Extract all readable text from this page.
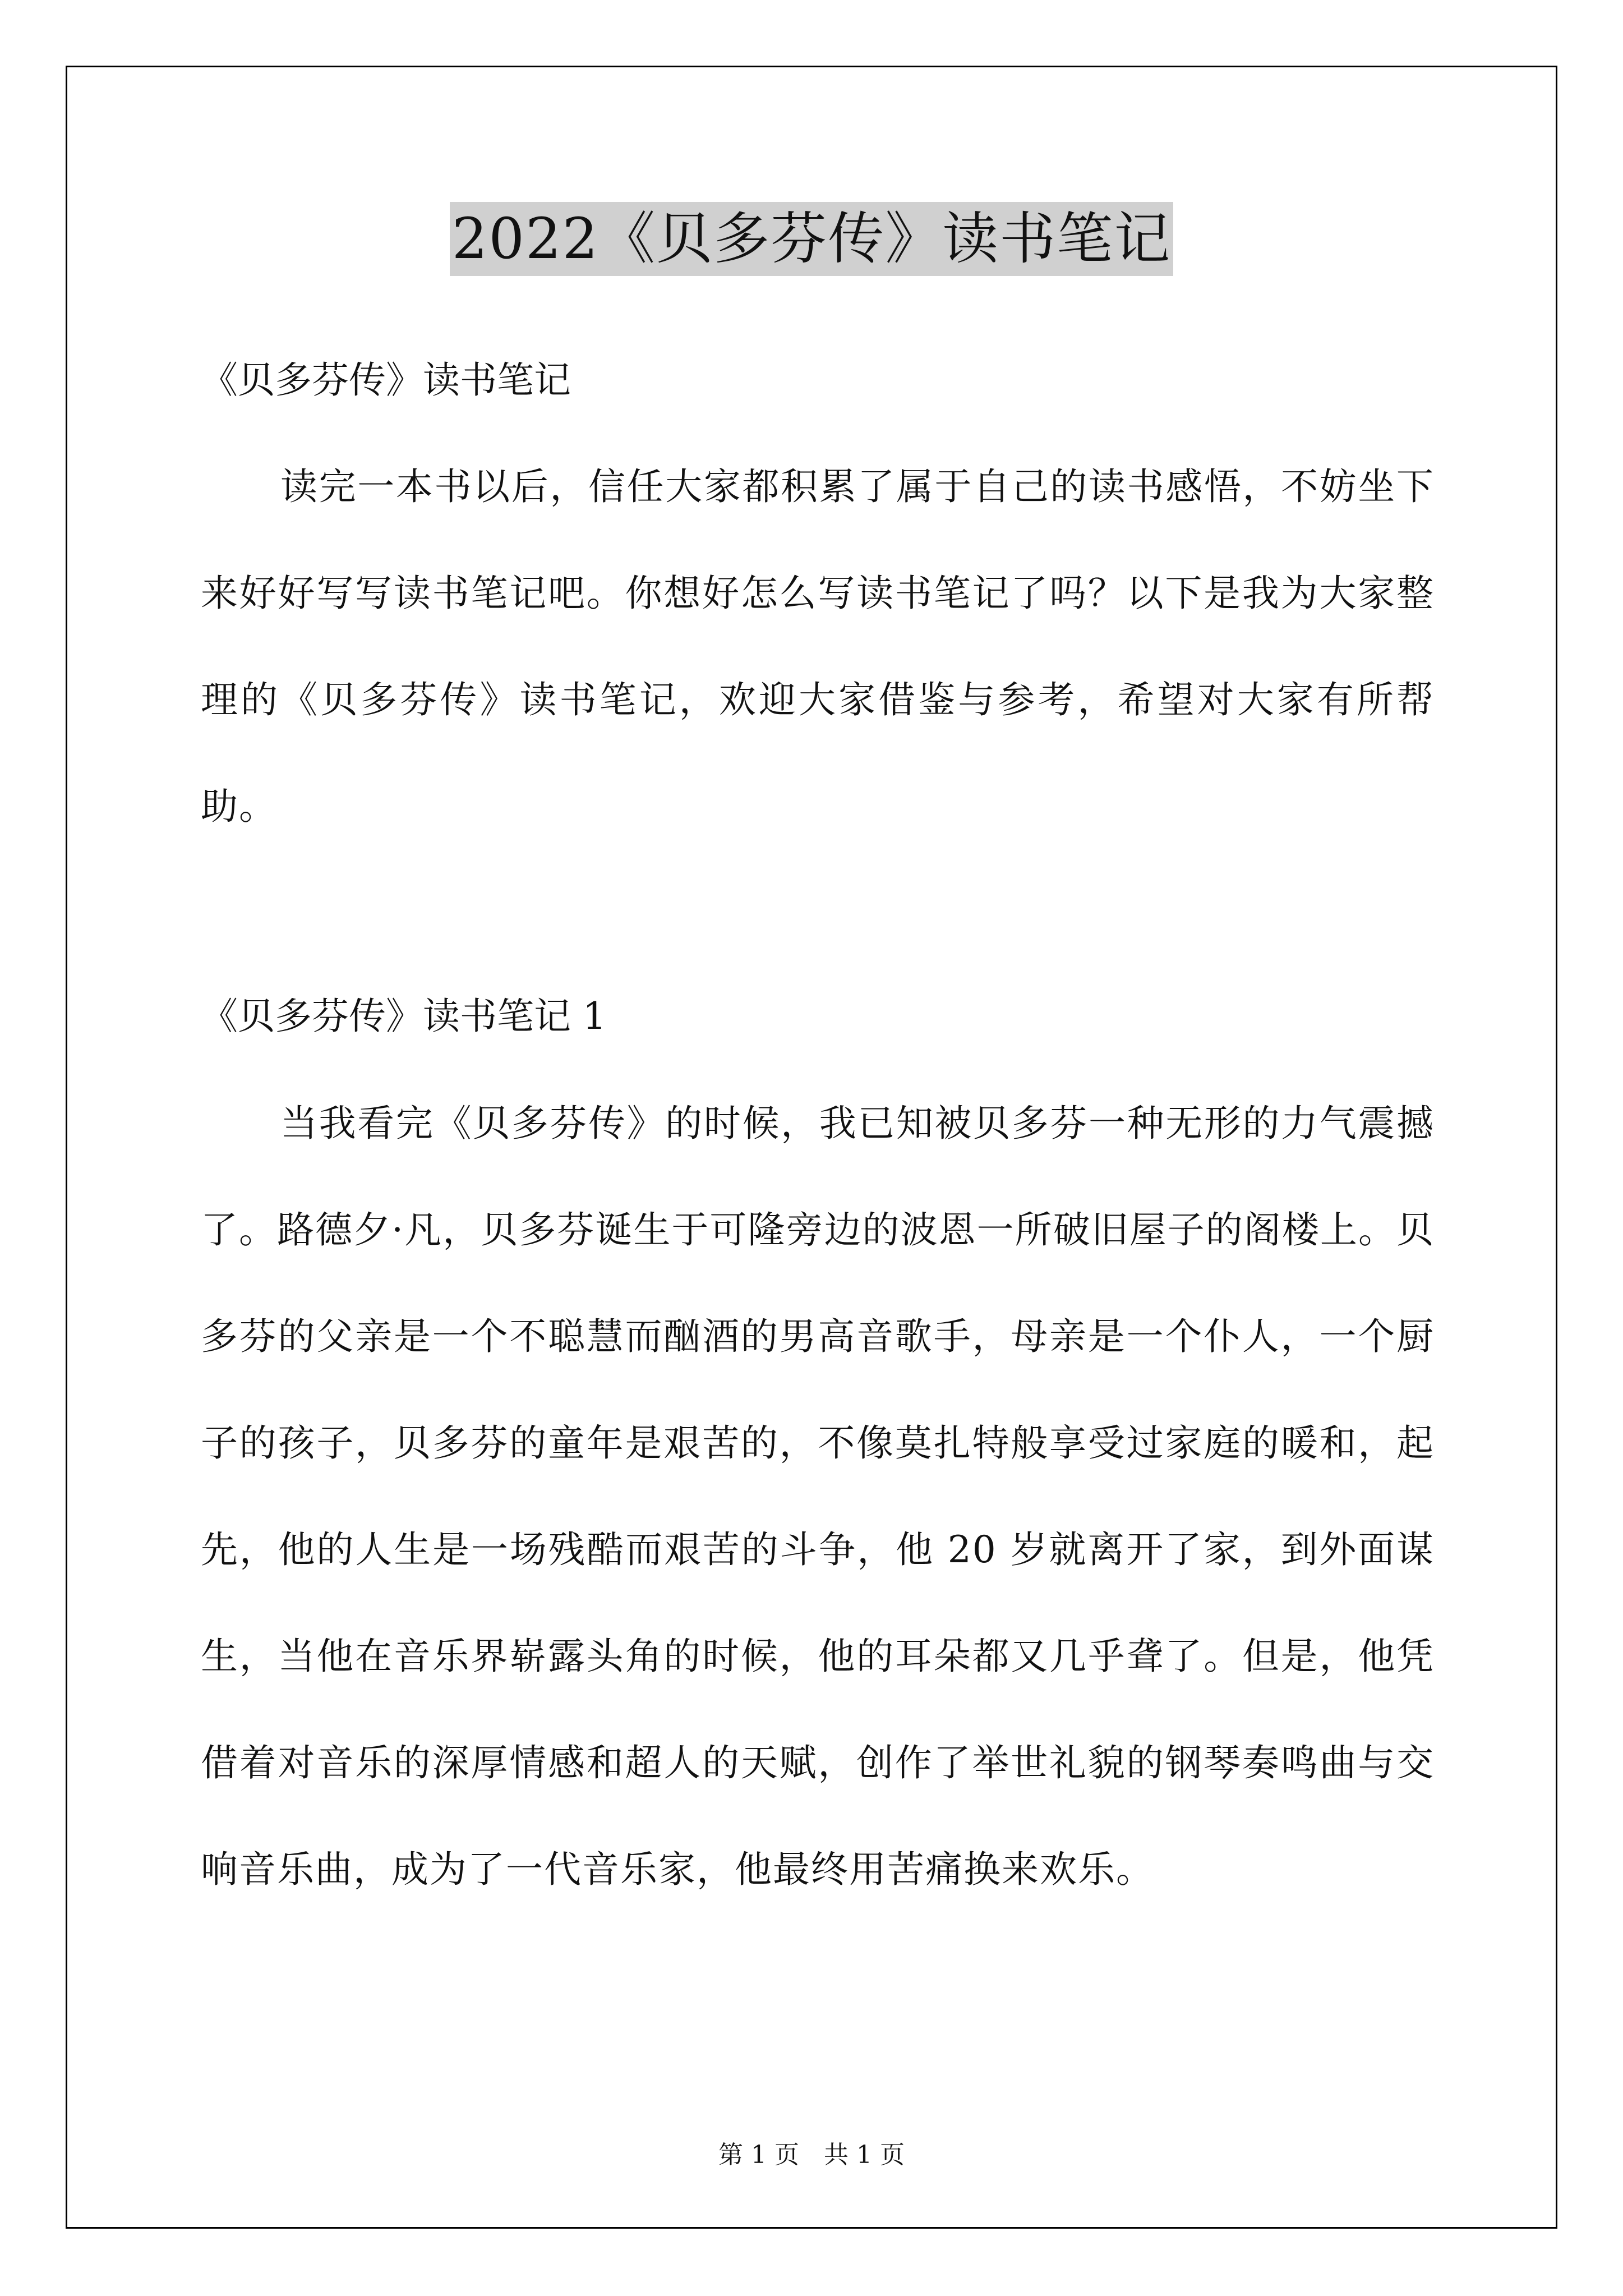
2022《贝多芬传》读书笔记
《贝多芬传》读书笔记

读完一本书以后，信任大家都积累了属于自己的读书感悟，不妨坐下来好好写写读书笔记吧。你想好怎么写读书笔记了吗？以下是我为大家整理的《贝多芬传》读书笔记，欢迎大家借鉴与参考，希望对大家有所帮助。

《贝多芬传》读书笔记 1

当我看完《贝多芬传》的时候，我已知被贝多芬一种无形的力气震撼了。路德夕·凡，贝多芬诞生于可隆旁边的波恩一所破旧屋子的阁楼上。贝多芬的父亲是一个不聪慧而酗酒的男高音歌手，母亲是一个仆人，一个厨子的孩子，贝多芬的童年是艰苦的，不像莫扎特般享受过家庭的暖和，起先，他的人生是一场残酷而艰苦的斗争，他 20 岁就离开了家，到外面谋生，当他在音乐界崭露头角的时候，他的耳朵都又几乎聋了。但是，他凭借着对音乐的深厚情感和超人的天赋，创作了举世礼貌的钢琴奏鸣曲与交响音乐曲，成为了一代音乐家，他最终用苦痛换来欢乐。

第 1 页　共 1 页
